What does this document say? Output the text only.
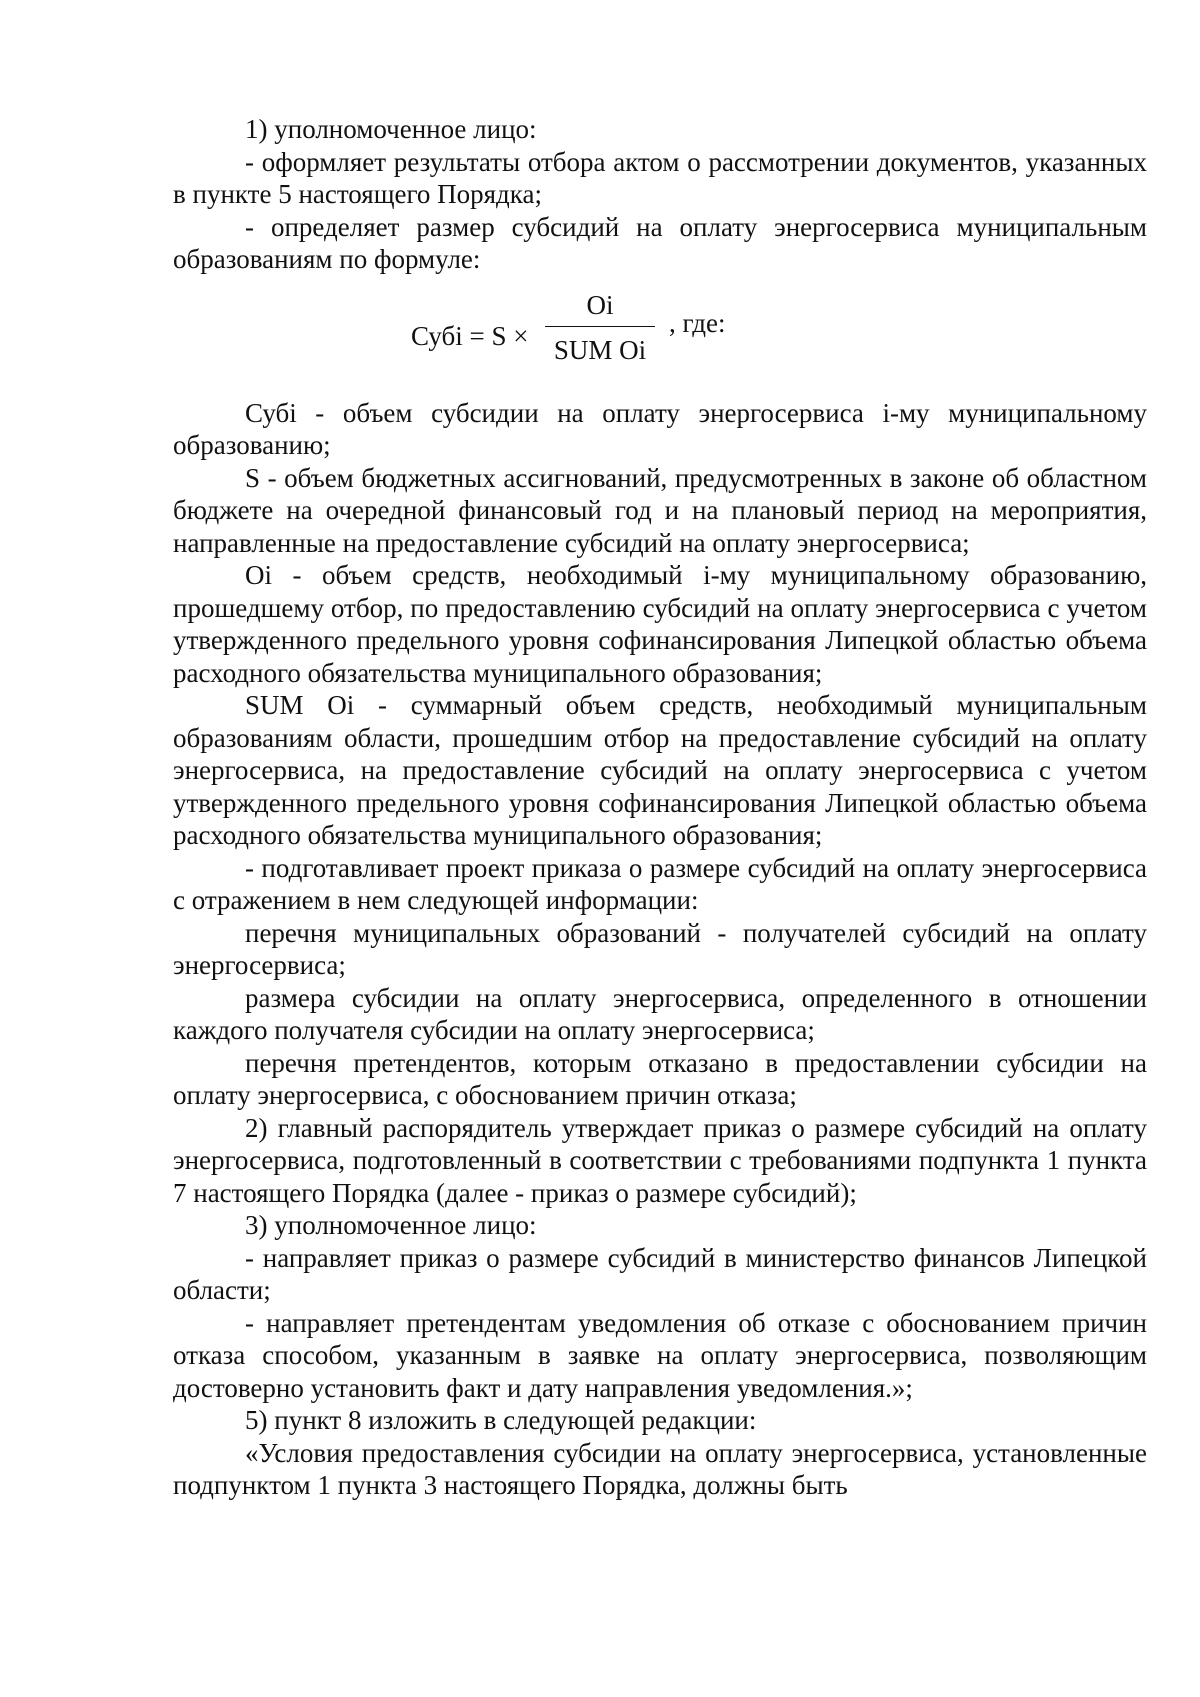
1) уполномоченное лицо:

- оформляет результаты отбора актом о рассмотрении документов, указанных в пункте 5 настоящего Порядка;

- определяет размер субсидий на оплату энергосервиса муниципальным образованиям по формуле:

Субi = S ×
Oi
SUM Oi
, где:

Субi - объем субсидии на оплату энергосервиса i-му муниципальному образованию;

S - объем бюджетных ассигнований, предусмотренных в законе об областном бюджете на очередной финансовый год и на плановый период на мероприятия, направленные на предоставление субсидий на оплату энергосервиса;

Oi - объем средств, необходимый i-му муниципальному образованию, прошедшему отбор, по предоставлению субсидий на оплату энергосервиса с учетом утвержденного предельного уровня софинансирования Липецкой областью объема расходного обязательства муниципального образования;

SUM Oi - суммарный объем средств, необходимый муниципальным образованиям области, прошедшим отбор на предоставление субсидий на оплату энергосервиса, на предоставление субсидий на оплату энергосервиса с учетом утвержденного предельного уровня софинансирования Липецкой областью объема расходного обязательства муниципального образования;

- подготавливает проект приказа о размере субсидий на оплату энергосервиса с отражением в нем следующей информации:

перечня муниципальных образований - получателей субсидий на оплату энергосервиса;

размера субсидии на оплату энергосервиса, определенного в отношении каждого получателя субсидии на оплату энергосервиса;

перечня претендентов, которым отказано в предоставлении субсидии на оплату энергосервиса, с обоснованием причин отказа;

2) главный распорядитель утверждает приказ о размере субсидий на оплату энергосервиса, подготовленный в соответствии с требованиями подпункта 1 пункта 7 настоящего Порядка (далее - приказ о размере субсидий);

3) уполномоченное лицо:

- направляет приказ о размере субсидий в министерство финансов Липецкой области;

- направляет претендентам уведомления об отказе с обоснованием причин отказа способом, указанным в заявке на оплату энергосервиса, позволяющим достоверно установить факт и дату направления уведомления.»;

5) пункт 8 изложить в следующей редакции:

«Условия предоставления субсидии на оплату энергосервиса, установленные подпунктом 1 пункта 3 настоящего Порядка, должны быть
